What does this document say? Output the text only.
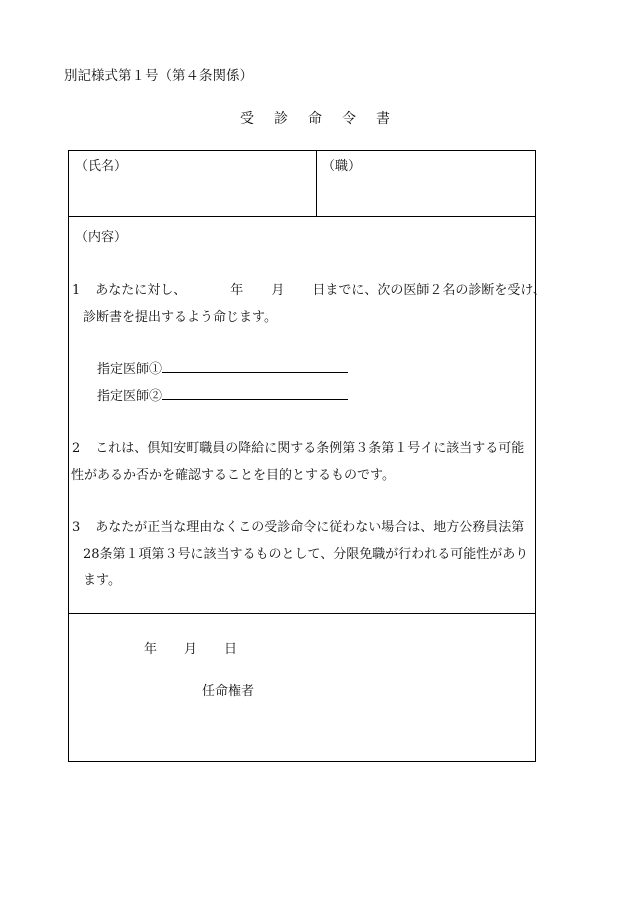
別記様式第１号（第４条関係）
受 診 命 令 書
（氏名）	（職）
（内容）
1 あなたに対し、	年 月 日までに、次の医師２名の診断を受け、
診断書を提出するよう命じます。
指定医師①
指定医師②
2 これは、倶知安町職員の降給に関する条例第３条第１号イに該当する可能
性があるか否かを確認することを目的とするものです。
3 あなたが正当な理由なくこの受診命令に従わない場合は、地方公務員法第
28条第１項第３号に該当するものとして、分限免職が行われる可能性があり
ます。
年 月 日
任命権者
